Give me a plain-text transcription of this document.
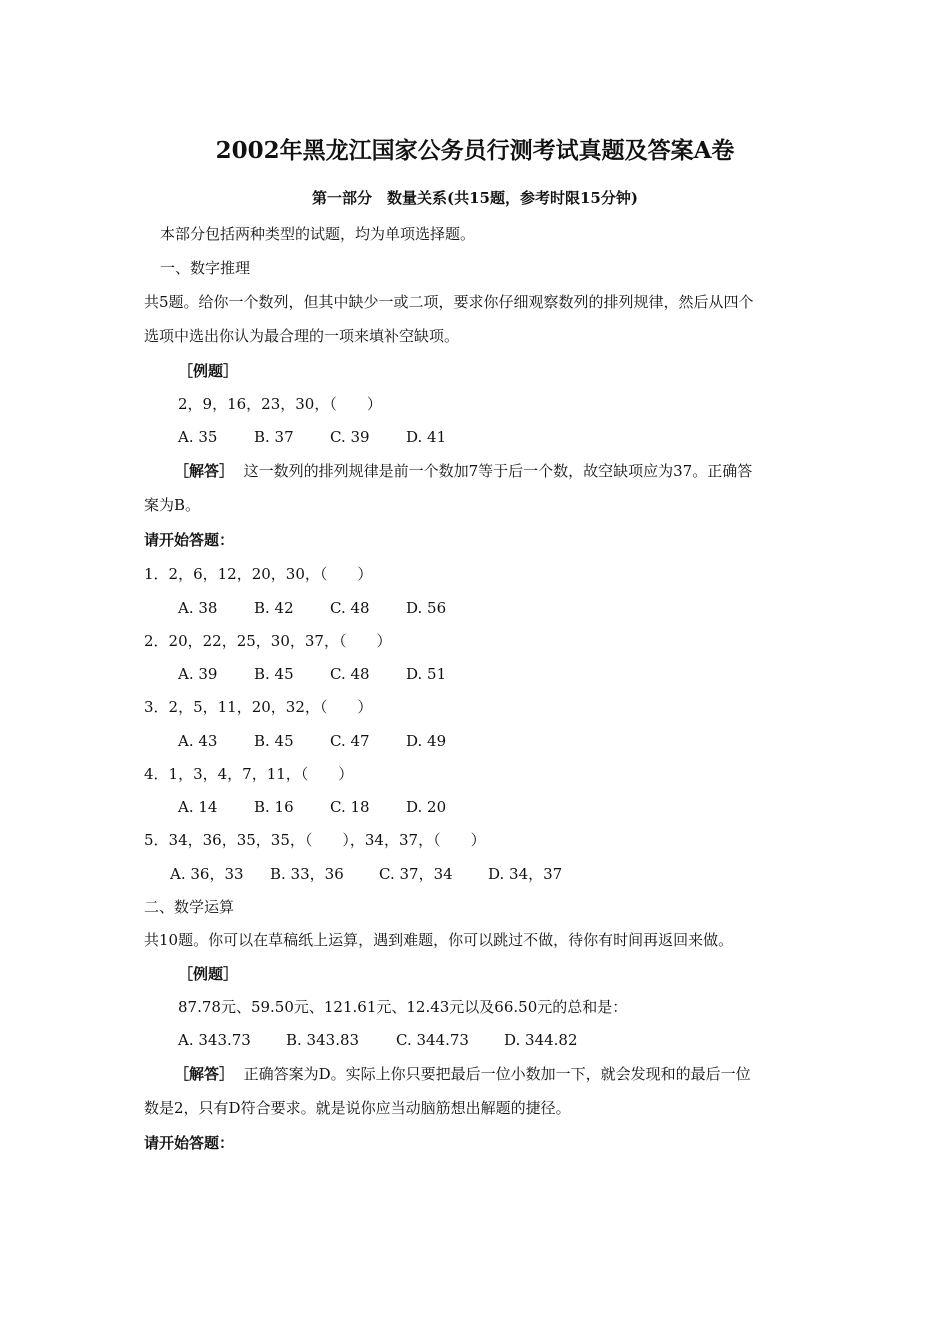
2002年黑龙江国家公务员行测考试真题及答案A卷
第一部分　数量关系(共15题，参考时限15分钟)
本部分包括两种类型的试题，均为单项选择题。
一、数字推理
共5题。给你一个数列，但其中缺少一或二项，要求你仔细观察数列的排列规律，然后从四个
选项中选出你认为最合理的一项来填补空缺项。
［例题］
2，9，16，23，30，（　　）
A. 35 B. 37 C. 39 D. 41
［解答］ 这一数列的排列规律是前一个数加7等于后一个数，故空缺项应为37。正确答
案为B。
请开始答题：
1．2，6，12，20，30，（　　）
A. 38 B. 42 C. 48 D. 56
2．20，22，25，30，37，（　　）
A. 39 B. 45 C. 48 D. 51
3．2，5，11，20，32，（　　）
A. 43 B. 45 C. 47 D. 49
4．1，3，4，7，11，（　　）
A. 14 B. 16 C. 18 D. 20
5．34，36，35，35，（　　），34，37，（　　）
A. 36，33 B. 33，36 C. 37，34 D. 34，37
二、数学运算
共10题。你可以在草稿纸上运算，遇到难题，你可以跳过不做，待你有时间再返回来做。
［例题］
87.78元、59.50元、121.61元、12.43元以及66.50元的总和是：
A. 343.73 B. 343.83 C. 344.73 D. 344.82
［解答］ 正确答案为D。实际上你只要把最后一位小数加一下，就会发现和的最后一位
数是2，只有D符合要求。就是说你应当动脑筋想出解题的捷径。
请开始答题：
